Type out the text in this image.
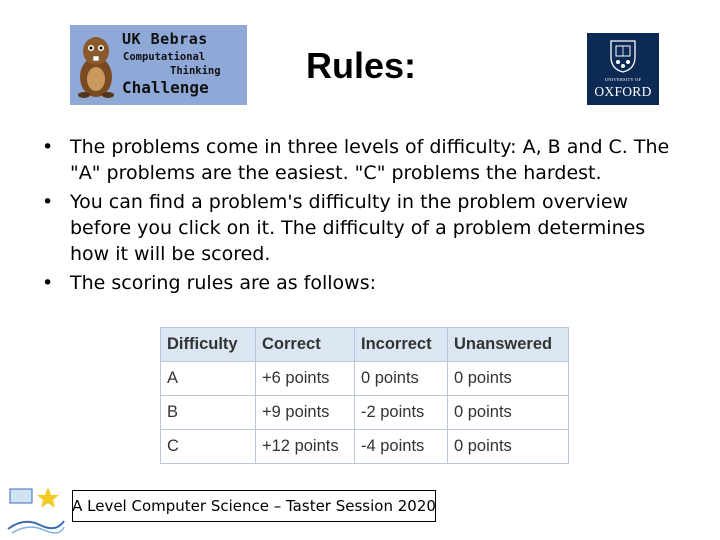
UK Bebras
Computational
Thinking
Challenge
Rules:	UNIVERSITY OF
OXFORD
• The problems come in three levels of difficulty: A, B and C. The "A" problems are the easiest. "C" problems the hardest.
• You can find a problem's difficulty in the problem overview before you click on it. The difficulty of a problem determines how it will be scored.
• The scoring rules are as follows:
Difficulty	Correct	Incorrect	Unanswered
A	+6 points	0 points	0 points
B	+9 points	-2 points	0 points
C	+12 points	-4 points	0 points
A Level Computer Science – Taster Session 2020
